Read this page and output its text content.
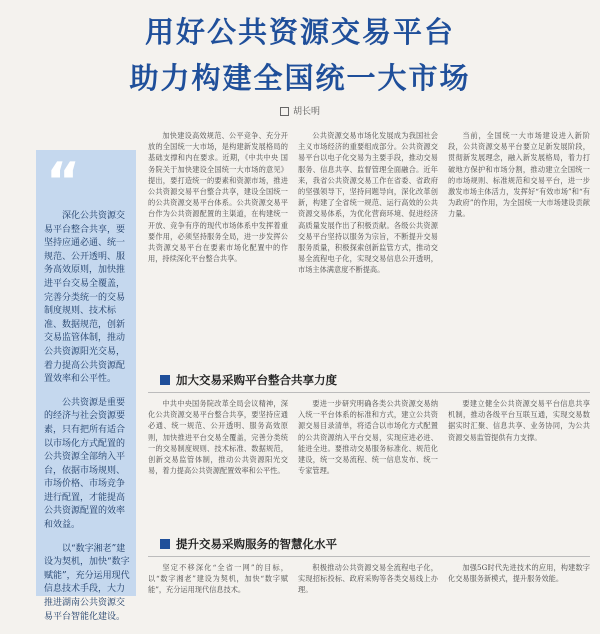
用好公共资源交易平台
助力构建全国统一大市场
胡长明
“

深化公共资源交易平台整合共享，要坚持应通必通、统一规范、公开透明、服务高效原则，加快推进平台交易全覆盖，完善分类统一的交易制度规则、技术标准、数据规范，创新交易监管体制，推动公共资源阳光交易，着力提高公共资源配置效率和公平性。

公共资源是重要的经济与社会资源要素，只有把所有适合以市场化方式配置的公共资源全部纳入平台，依据市场规则、市场价格、市场竞争进行配置，才能提高公共资源配置的效率和效益。

以“数字湘老”建设为契机，加快“数字赋能”，充分运用现代信息技术手段，大力推进湖南公共资源交易平台智能化建设。

加快建设高效规范、公平竞争、充分开放的全国统一大市场，是构建新发展格局的基础支撑和内在要求。近期，《中共中央 国务院关于加快建设全国统一大市场的意见》提出，要打造统一的要素和资源市场，推进公共资源交易平台整合共享，建设全国统一的公共资源交易平台体系。公共资源交易平台作为公共资源配置的主渠道，在构建统一开放、竞争有序的现代市场体系中发挥着重要作用，必须坚持服务全局，进一步发挥公共资源交易平台在要素市场化配置中的作用，持续深化平台整合共享。

公共资源交易市场化发展成为我国社会主义市场经济的重要组成部分。公共资源交易平台以电子化交易为主要手段，推动交易服务、信息共享、监督管理全面融合。近年来，我省公共资源交易工作在省委、省政府的坚强领导下，坚持问题导向，深化改革创新，构建了全省统一规范、运行高效的公共资源交易体系，为优化营商环境、促进经济高质量发展作出了积极贡献。各级公共资源交易平台坚持以服务为宗旨，不断提升交易服务质量，积极探索创新监管方式，推动交易全流程电子化，实现交易信息公开透明，市场主体满意度不断提高。

当前，全国统一大市场建设进入新阶段，公共资源交易平台要立足新发展阶段，贯彻新发展理念，融入新发展格局，着力打破地方保护和市场分割，推动建立全国统一的市场规则、标准规范和交易平台，进一步激发市场主体活力，发挥好“有效市场”和“有为政府”的作用，为全国统一大市场建设贡献力量。

加大交易采购平台整合共享力度

中共中央国务院改革全局会议精神，深化公共资源交易平台整合共享，要坚持应通必通、统一规范、公开透明、服务高效原则，加快推进平台交易全覆盖，完善分类统一的交易制度规则、技术标准、数据规范，创新交易监管体制，推动公共资源阳光交易，着力提高公共资源配置效率和公平性。

要进一步研究明确各类公共资源交易纳入统一平台体系的标准和方式，建立公共资源交易目录清单，将适合以市场化方式配置的公共资源纳入平台交易，实现应进必进、能进全进。要推动交易服务标准化、规范化建设，统一交易流程、统一信息发布、统一专家管理。

要建立健全公共资源交易平台信息共享机制，推动各级平台互联互通，实现交易数据实时汇聚、信息共享、业务协同，为公共资源交易监管提供有力支撑。

提升交易采购服务的智慧化水平

坚定不移深化“全省一网”的目标，以“数字湘老”建设为契机，加快“数字赋能”，充分运用现代信息技术。

积极推动公共资源交易全流程电子化，实现招标投标、政府采购等各类交易线上办理。

加强5G时代先进技术的应用，构建数字化交易服务新模式，提升服务效能。
